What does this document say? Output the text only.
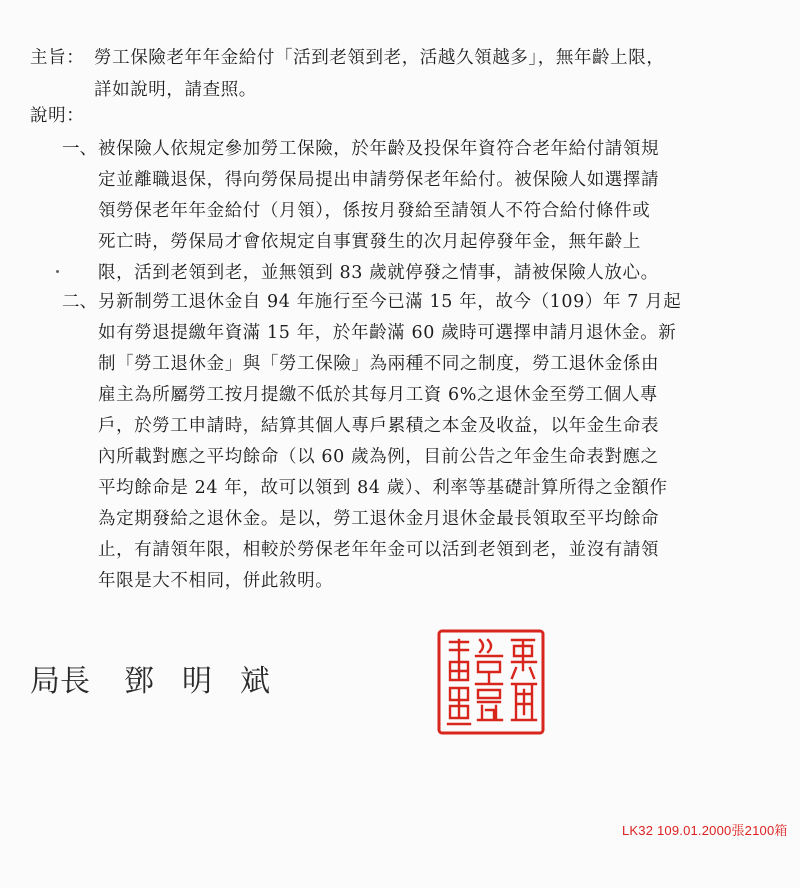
主旨： 勞工保險老年年金給付「活到老領到老，活越久領越多」，無年齡上限，
詳如說明，請查照。
說明：
一、 被保險人依規定參加勞工保險，於年齡及投保年資符合老年給付請領規
定並離職退保，得向勞保局提出申請勞保老年給付。被保險人如選擇請
領勞保老年年金給付（月領），係按月發給至請領人不符合給付條件或
死亡時，勞保局才會依規定自事實發生的次月起停發年金，無年齡上
限，活到老領到老，並無領到 83 歲就停發之情事，請被保險人放心。
二、 另新制勞工退休金自 94 年施行至今已滿 15 年，故今（109）年 7 月起
如有勞退提繳年資滿 15 年，於年齡滿 60 歲時可選擇申請月退休金。新
制「勞工退休金」與「勞工保險」為兩種不同之制度，勞工退休金係由
雇主為所屬勞工按月提繳不低於其每月工資 6%之退休金至勞工個人專
戶，於勞工申請時，結算其個人專戶累積之本金及收益，以年金生命表
內所載對應之平均餘命（以 60 歲為例，目前公告之年金生命表對應之
平均餘命是 24 年，故可以領到 84 歲）、利率等基礎計算所得之金額作
為定期發給之退休金。是以，勞工退休金月退休金最長領取至平均餘命
止，有請領年限，相較於勞保老年年金可以活到老領到老，並沒有請領
年限是大不相同，併此敘明。
局長 鄧 明 斌
LK32 109.01.2000張2100箱
